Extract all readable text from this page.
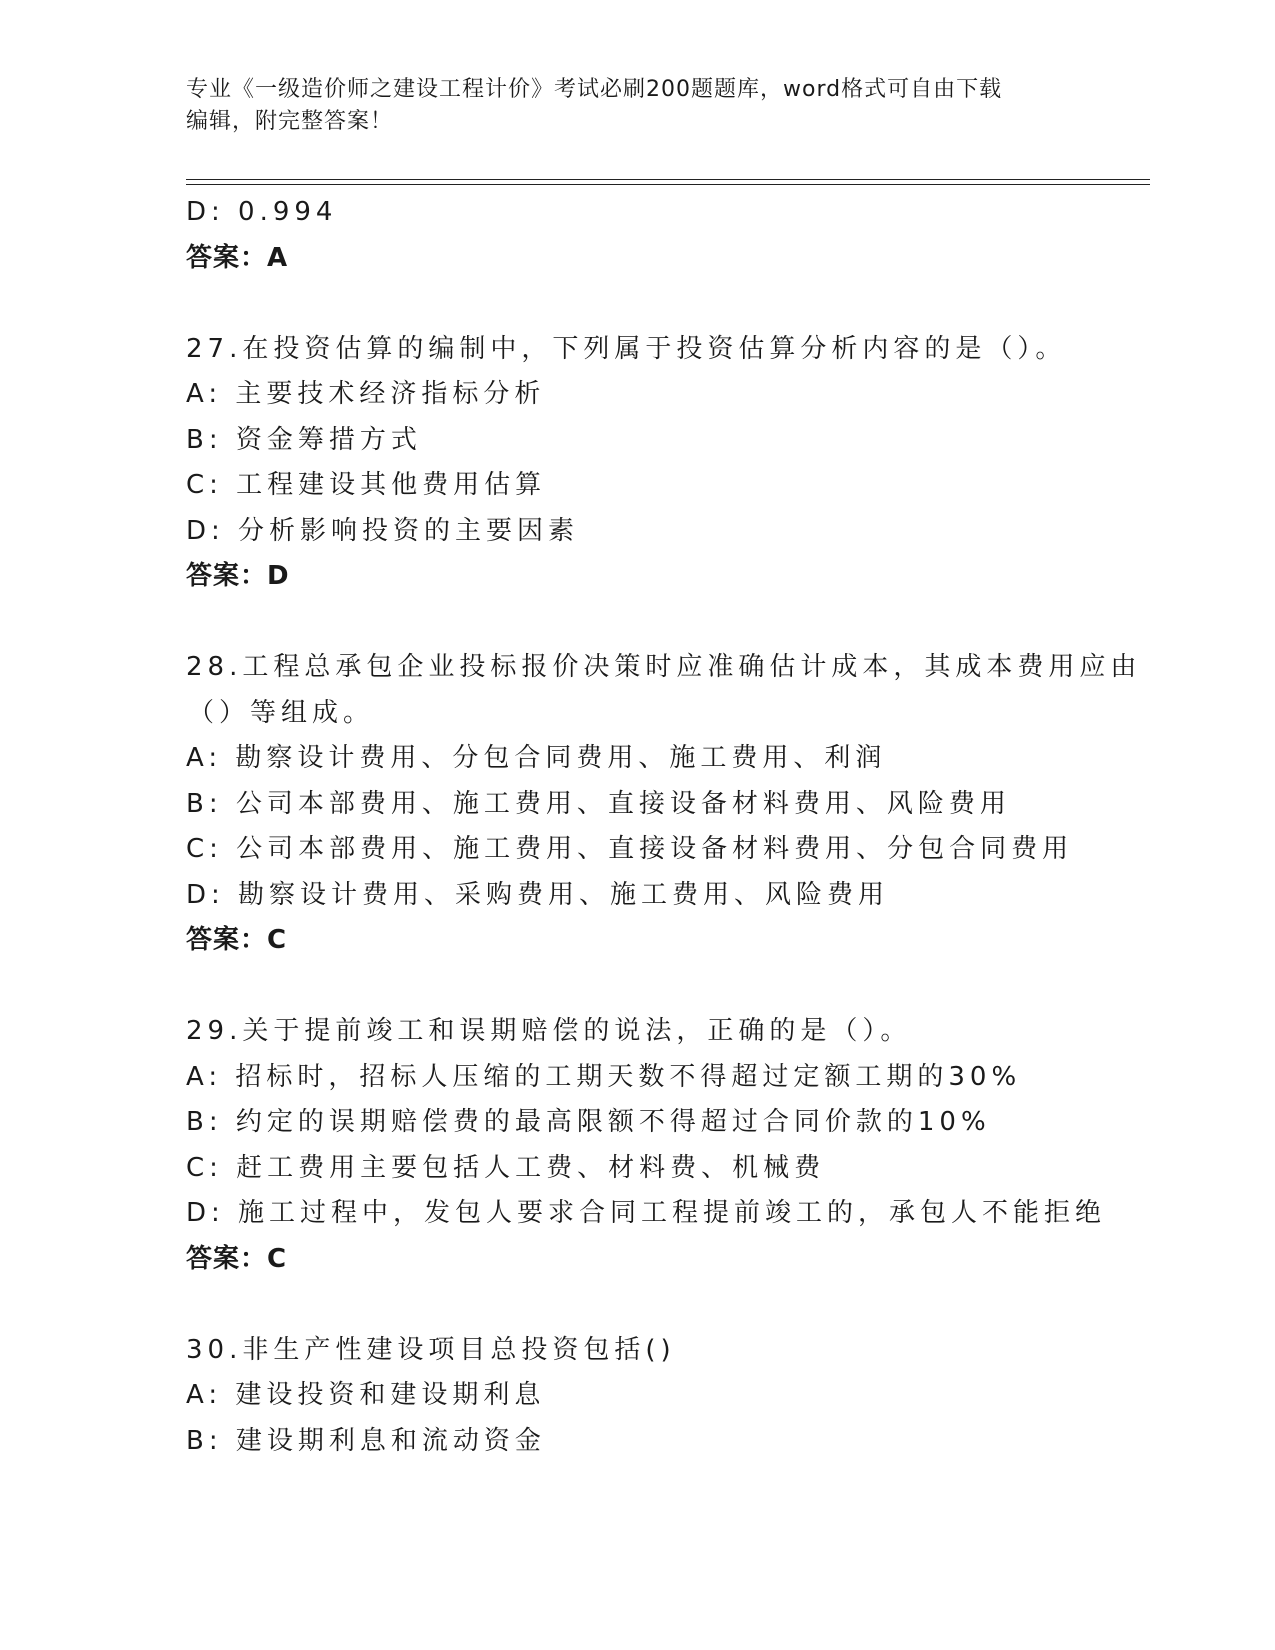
专业《一级造价师之建设工程计价》考试必刷200题题库，word格式可自由下载
编辑，附完整答案！
D: 0.994
答案：A
27.在投资估算的编制中，下列属于投资估算分析内容的是（）。
A: 主要技术经济指标分析
B: 资金筹措方式
C: 工程建设其他费用估算
D: 分析影响投资的主要因素
答案：D
28.工程总承包企业投标报价决策时应准确估计成本，其成本费用应由
（）等组成。
A: 勘察设计费用、分包合同费用、施工费用、利润
B: 公司本部费用、施工费用、直接设备材料费用、风险费用
C: 公司本部费用、施工费用、直接设备材料费用、分包合同费用
D: 勘察设计费用、采购费用、施工费用、风险费用
答案：C
29.关于提前竣工和误期赔偿的说法，正确的是（）。
A: 招标时，招标人压缩的工期天数不得超过定额工期的30%
B: 约定的误期赔偿费的最高限额不得超过合同价款的10%
C: 赶工费用主要包括人工费、材料费、机械费
D: 施工过程中，发包人要求合同工程提前竣工的，承包人不能拒绝
答案：C
30.非生产性建设项目总投资包括()
A: 建设投资和建设期利息
B: 建设期利息和流动资金
